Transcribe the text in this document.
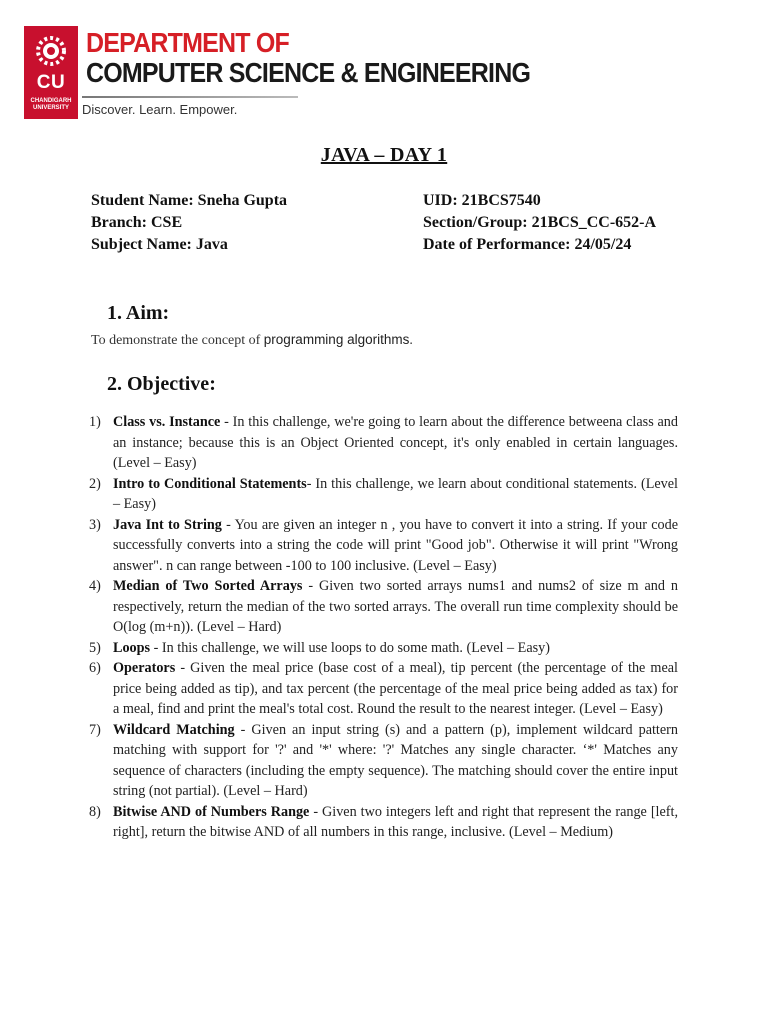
CU
CHANDIGARH
UNIVERSITY
DEPARTMENT OF
COMPUTER SCIENCE & ENGINEERING
Discover. Learn. Empower.
JAVA – DAY 1
Student Name: Sneha Gupta
Branch: CSE
Subject Name: Java
UID: 21BCS7540
Section/Group: 21BCS_CC-652-A
Date of Performance: 24/05/24
1. Aim:
To demonstrate the concept of programming algorithms.
2. Objective:
1) Class vs. Instance - In this challenge, we're going to learn about the difference betweena class and an instance; because this is an Object Oriented concept, it's only enabled in certain languages. (Level – Easy)
2) Intro to Conditional Statements- In this challenge, we learn about conditional statements. (Level – Easy)
3) Java Int to String - You are given an integer n , you have to convert it into a string. If your code successfully converts into a string the code will print "Good job". Otherwise it will print "Wrong answer". n can range between -100 to 100 inclusive. (Level – Easy)
4) Median of Two Sorted Arrays - Given two sorted arrays nums1 and nums2 of size m and n respectively, return the median of the two sorted arrays. The overall run time complexity should be O(log (m+n)). (Level – Hard)
5) Loops - In this challenge, we will use loops to do some math. (Level – Easy)
6) Operators - Given the meal price (base cost of a meal), tip percent (the percentage of the meal price being added as tip), and tax percent (the percentage of the meal price being added as tax) for a meal, find and print the meal's total cost. Round the result to the nearest integer. (Level – Easy)
7) Wildcard Matching - Given an input string (s) and a pattern (p), implement wildcard pattern matching with support for '?' and '*' where: '?' Matches any single character. ‘*' Matches any sequence of characters (including the empty sequence). The matching should cover the entire input string (not partial). (Level – Hard)
8) Bitwise AND of Numbers Range - Given two integers left and right that represent the range [left, right], return the bitwise AND of all numbers in this range, inclusive. (Level – Medium)
